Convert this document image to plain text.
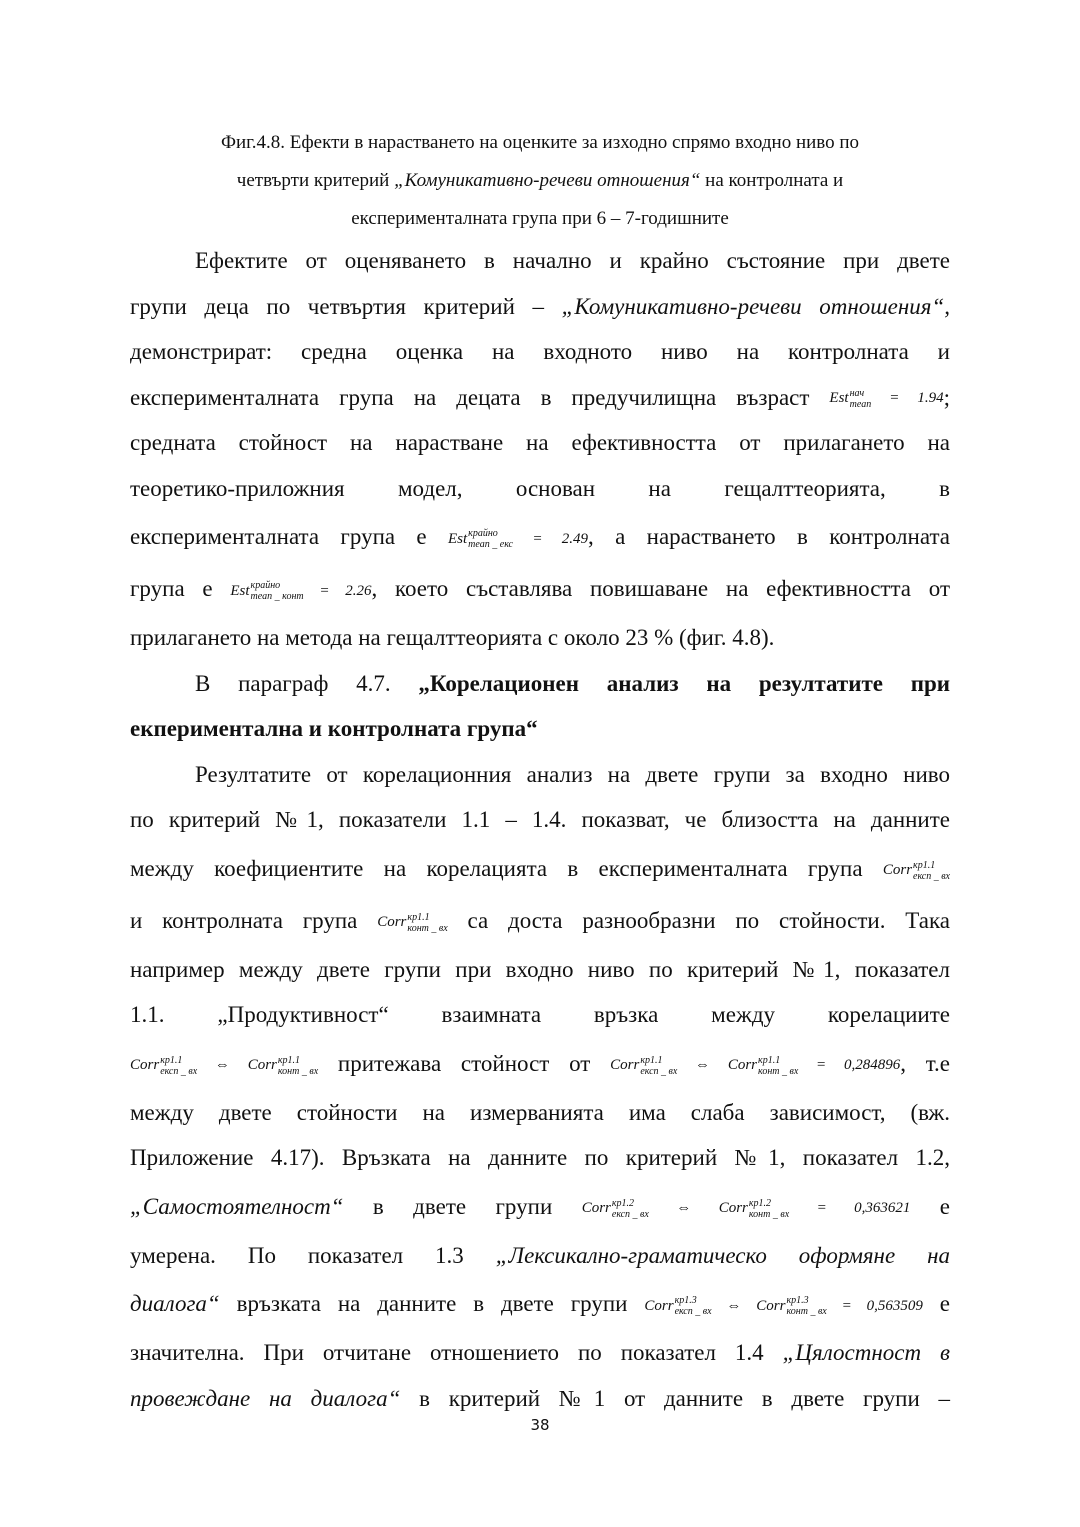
Фиг.4.8. Ефекти в нарастването на оценките за изходно спрямо входно ниво по
четвърти критерий „Комуникативно-речеви отношения“ на контролната и
експерименталната група при 6 – 7-годишните
Ефектите от оценяването в начално и крайно състояние при двете
групи деца по четвъртия критерий – „Комуникативно-речеви отношения“,
демонстрират: средна оценка на входното ниво на контролната и
експерименталната група на децата в предучилищна възраст Est нач
mean = 1.94;
средната стойност на нарастване на ефективността от прилагането на
теоретико-приложния модел, основан на гещалттеорията, в
експерименталната група е Est крайно
mean _ екс = 2.49, а нарастването в контролната
група е Est крайно
mean _ конт = 2.26, което съставлява повишаване на ефективността от
прилагането на метода на гещалттеорията с около 23 % (фиг. 4.8).
В параграф 4.7. „Корелационен анализ на резултатите при
екпериментална и контролната група“
Резултатите от корелационния анализ на двете групи за входно ниво
по критерий №1, показатели 1.1 – 1.4. показват, че близостта на данните
между коефициентите на корелацията в експерименталната група Corr кр1.1
експ _ вх
и контролната група Corr кр1.1
конт _ вх са доста разнообразни по стойности. Така
например между двете групи при входно ниво по критерий №1, показател
1.1. „Продуктивност“ взаимната връзка между корелациите
Corr кр1.1
експ _ вх ⇔ Corr кр1.1
конт _ вх притежава стойност от Corr кр1.1
експ _ вх ⇔ Corr кр1.1
конт _ вх = 0,284896, т.е
между двете стойности на измерванията има слаба зависимост, (вж.
Приложение 4.17). Връзката на данните по критерий №1, показател 1.2,
„Самостоятелност“ в двете групи Corr кр1.2
експ _ вх ⇔ Corr кр1.2
конт _ вх = 0,363621 е
умерена. По показател 1.3 „Лексикално-граматическо оформяне на
диалога“ връзката на данните в двете групи Corr кр1.3
експ _ вх ⇔ Corr кр1.3
конт _ вх = 0,563509 е
значителна. При отчитане отношението по показател 1.4 „Цялостност в
провеждане на диалога“ в критерий №1 от данните в двете групи –
38
